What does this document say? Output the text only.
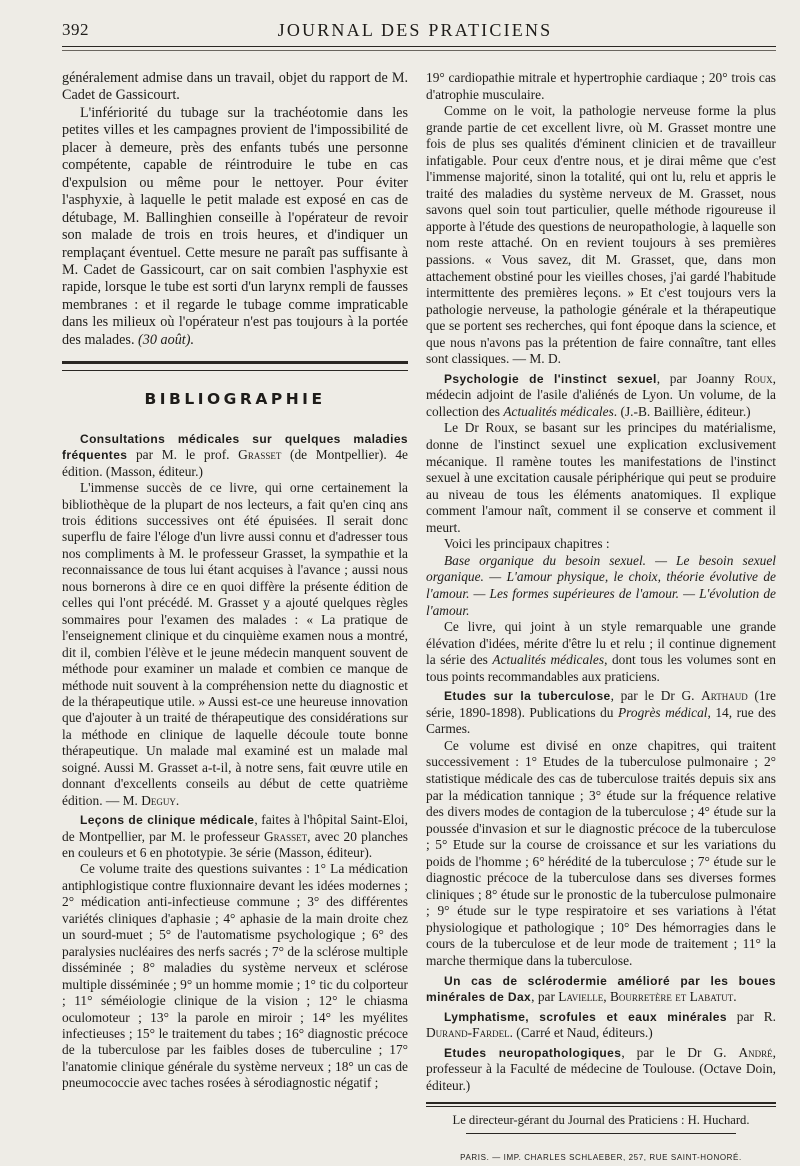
392	JOURNAL DES PRATICIENS

généralement admise dans un travail, objet du rapport de M. Cadet de Gassicourt.

L'infériorité du tubage sur la trachéotomie dans les petites villes et les campagnes provient de l'impossibilité de placer à demeure, près des enfants tubés une personne compétente, capable de réintroduire le tube en cas d'expulsion ou même pour le nettoyer. Pour éviter l'asphyxie, à laquelle le petit malade est exposé en cas de détubage, M. Ballinghien conseille à l'opérateur de revoir son malade de trois en trois heures, et d'indiquer un remplaçant éventuel. Cette mesure ne paraît pas suffisante à M. Cadet de Gassicourt, car on sait combien l'asphyxie est rapide, lorsque le tube est sorti d'un larynx rempli de fausses membranes : et il regarde le tubage comme impraticable dans les milieux où l'opérateur n'est pas toujours à la portée des malades. (30 août).

BIBLIOGRAPHIE

Consultations médicales sur quelques maladies fréquentes par M. le prof. Grasset (de Montpellier). 4e édition. (Masson, éditeur.)

L'immense succès de ce livre, qui orne certainement la bibliothèque de la plupart de nos lecteurs, a fait qu'en cinq ans trois éditions successives ont été épuisées. Il serait donc superflu de faire l'éloge d'un livre aussi connu et d'adresser tous nos compliments à M. le professeur Grasset, la sympathie et la reconnaissance de tous lui étant acquises à l'avance ; aussi nous nous bornerons à dire ce en quoi diffère la présente édition de celles qui l'ont précédé. M. Grasset y a ajouté quelques règles sommaires pour l'examen des malades : « La pratique de l'enseignement clinique et du cinquième examen nous a montré, dit il, combien l'élève et le jeune médecin manquent souvent de méthode pour examiner un malade et combien ce manque de méthode nuit souvent à la compréhension nette du diagnostic et de la thérapeutique utile. » Aussi est-ce une heureuse innovation que d'ajouter à un traité de thérapeutique des considérations sur la méthode en clinique de laquelle découle toute bonne thérapeutique. Un malade mal examiné est un malade mal soigné. Aussi M. Grasset a-t-il, à notre sens, fait œuvre utile en donnant d'excellents conseils au début de cette quatrième édition. — M. Deguy.

Leçons de clinique médicale, faites à l'hôpital Saint-Eloi, de Montpellier, par M. le professeur Grasset, avec 20 planches en couleurs et 6 en phototypie. 3e série (Masson, éditeur).

Ce volume traite des questions suivantes : 1° La médication antiphlogistique contre fluxionnaire devant les idées modernes ; 2° médication anti-infectieuse commune ; 3° des différentes variétés cliniques d'aphasie ; 4° aphasie de la main droite chez un sourd-muet ; 5° de l'automatisme psychologique ; 6° des paralysies nucléaires des nerfs sacrés ; 7° de la sclérose multiple disséminée ; 8° maladies du système nerveux et sclérose multiple disséminée ; 9° un homme momie ; 1° tic du colporteur ; 11° séméiologie clinique de la vision ; 12° le chiasma oculomoteur ; 13° la parole en miroir ; 14° les myélites infectieuses ; 15° le traitement du tabes ; 16° diagnostic précoce de la tuberculose par les faibles doses de tuberculine ; 17° l'anatomie clinique générale du système nerveux ; 18° un cas de pneumococcie avec taches rosées à sérodiagnostic négatif ;

19° cardiopathie mitrale et hypertrophie cardiaque ; 20° trois cas d'atrophie musculaire.

Comme on le voit, la pathologie nerveuse forme la plus grande partie de cet excellent livre, où M. Grasset montre une fois de plus ses qualités d'éminent clinicien et de travailleur infatigable. Pour ceux d'entre nous, et je dirai même que c'est l'immense majorité, sinon la totalité, qui ont lu, relu et appris le traité des maladies du système nerveux de M. Grasset, nous savons quel soin tout particulier, quelle méthode rigoureuse il apporte à l'étude des questions de neuropathologie, à laquelle son nom reste attaché. On en revient toujours à ses premières passions. « Vous savez, dit M. Grasset, que, dans mon attachement obstiné pour les vieilles choses, j'ai gardé l'habitude intermittente des premières leçons. » Et c'est toujours vers la pathologie nerveuse, la pathologie générale et la thérapeutique que se portent ses recherches, qui font époque dans la science, et que nous n'avons pas la prétention de faire connaître, tant elles sont classiques. — M. D.

Psychologie de l'instinct sexuel, par Joanny Roux, médecin adjoint de l'asile d'aliénés de Lyon. Un volume, de la collection des Actualités médicales. (J.-B. Baillière, éditeur.)

Le Dr Roux, se basant sur les principes du matérialisme, donne de l'instinct sexuel une explication exclusivement mécanique. Il ramène toutes les manifestations de l'instinct sexuel à une excitation causale périphérique qui peut se produire au niveau de tous les éléments anatomiques. Il explique comment l'amour naît, comment il se conserve et comment il meurt.

Voici les principaux chapitres :

Base organique du besoin sexuel. — Le besoin sexuel organique. — L'amour physique, le choix, théorie évolutive de l'amour. — Les formes supérieures de l'amour. — L'évolution de l'amour.

Ce livre, qui joint à un style remarquable une grande élévation d'idées, mérite d'être lu et relu ; il continue dignement la série des Actualités médicales, dont tous les volumes sont en tous points recommandables aux praticiens.

Etudes sur la tuberculose, par le Dr G. Arthaud (1re série, 1890-1898). Publications du Progrès médical, 14, rue des Carmes.

Ce volume est divisé en onze chapitres, qui traitent successivement : 1° Etudes de la tuberculose pulmonaire ; 2° statistique médicale des cas de tuberculose traités depuis six ans par la médication tannique ; 3° étude sur la fréquence relative des divers modes de contagion de la tuberculose ; 4° étude sur la poussée d'invasion et sur le diagnostic précoce de la tuberculose ; 5° Etude sur la course de croissance et sur les variations du poids de l'homme ; 6° hérédité de la tuberculose ; 7° étude sur le diagnostic précoce de la tuberculose dans ses diverses formes cliniques ; 8° étude sur le pronostic de la tuberculose pulmonaire ; 9° étude sur le type respiratoire et ses variations à l'état physiologique et pathologique ; 10° Des hémorragies dans le cours de la tuberculose et de leur mode de traitement ; 11° la marche thermique dans la tuberculose.

Un cas de sclérodermie amélioré par les boues minérales de Dax, par Lavielle, Bourretère et Labatut.

Lymphatisme, scrofules et eaux minérales par R. Durand-Fardel. (Carré et Naud, éditeurs.)

Etudes neuropathologiques, par le Dr G. André, professeur à la Faculté de médecine de Toulouse. (Octave Doin, éditeur.)

Le directeur-gérant du Journal des Praticiens : H. Huchard.

PARIS. — IMP. CHARLES SCHLAEBER, 257, RUE SAINT-HONORÉ.
